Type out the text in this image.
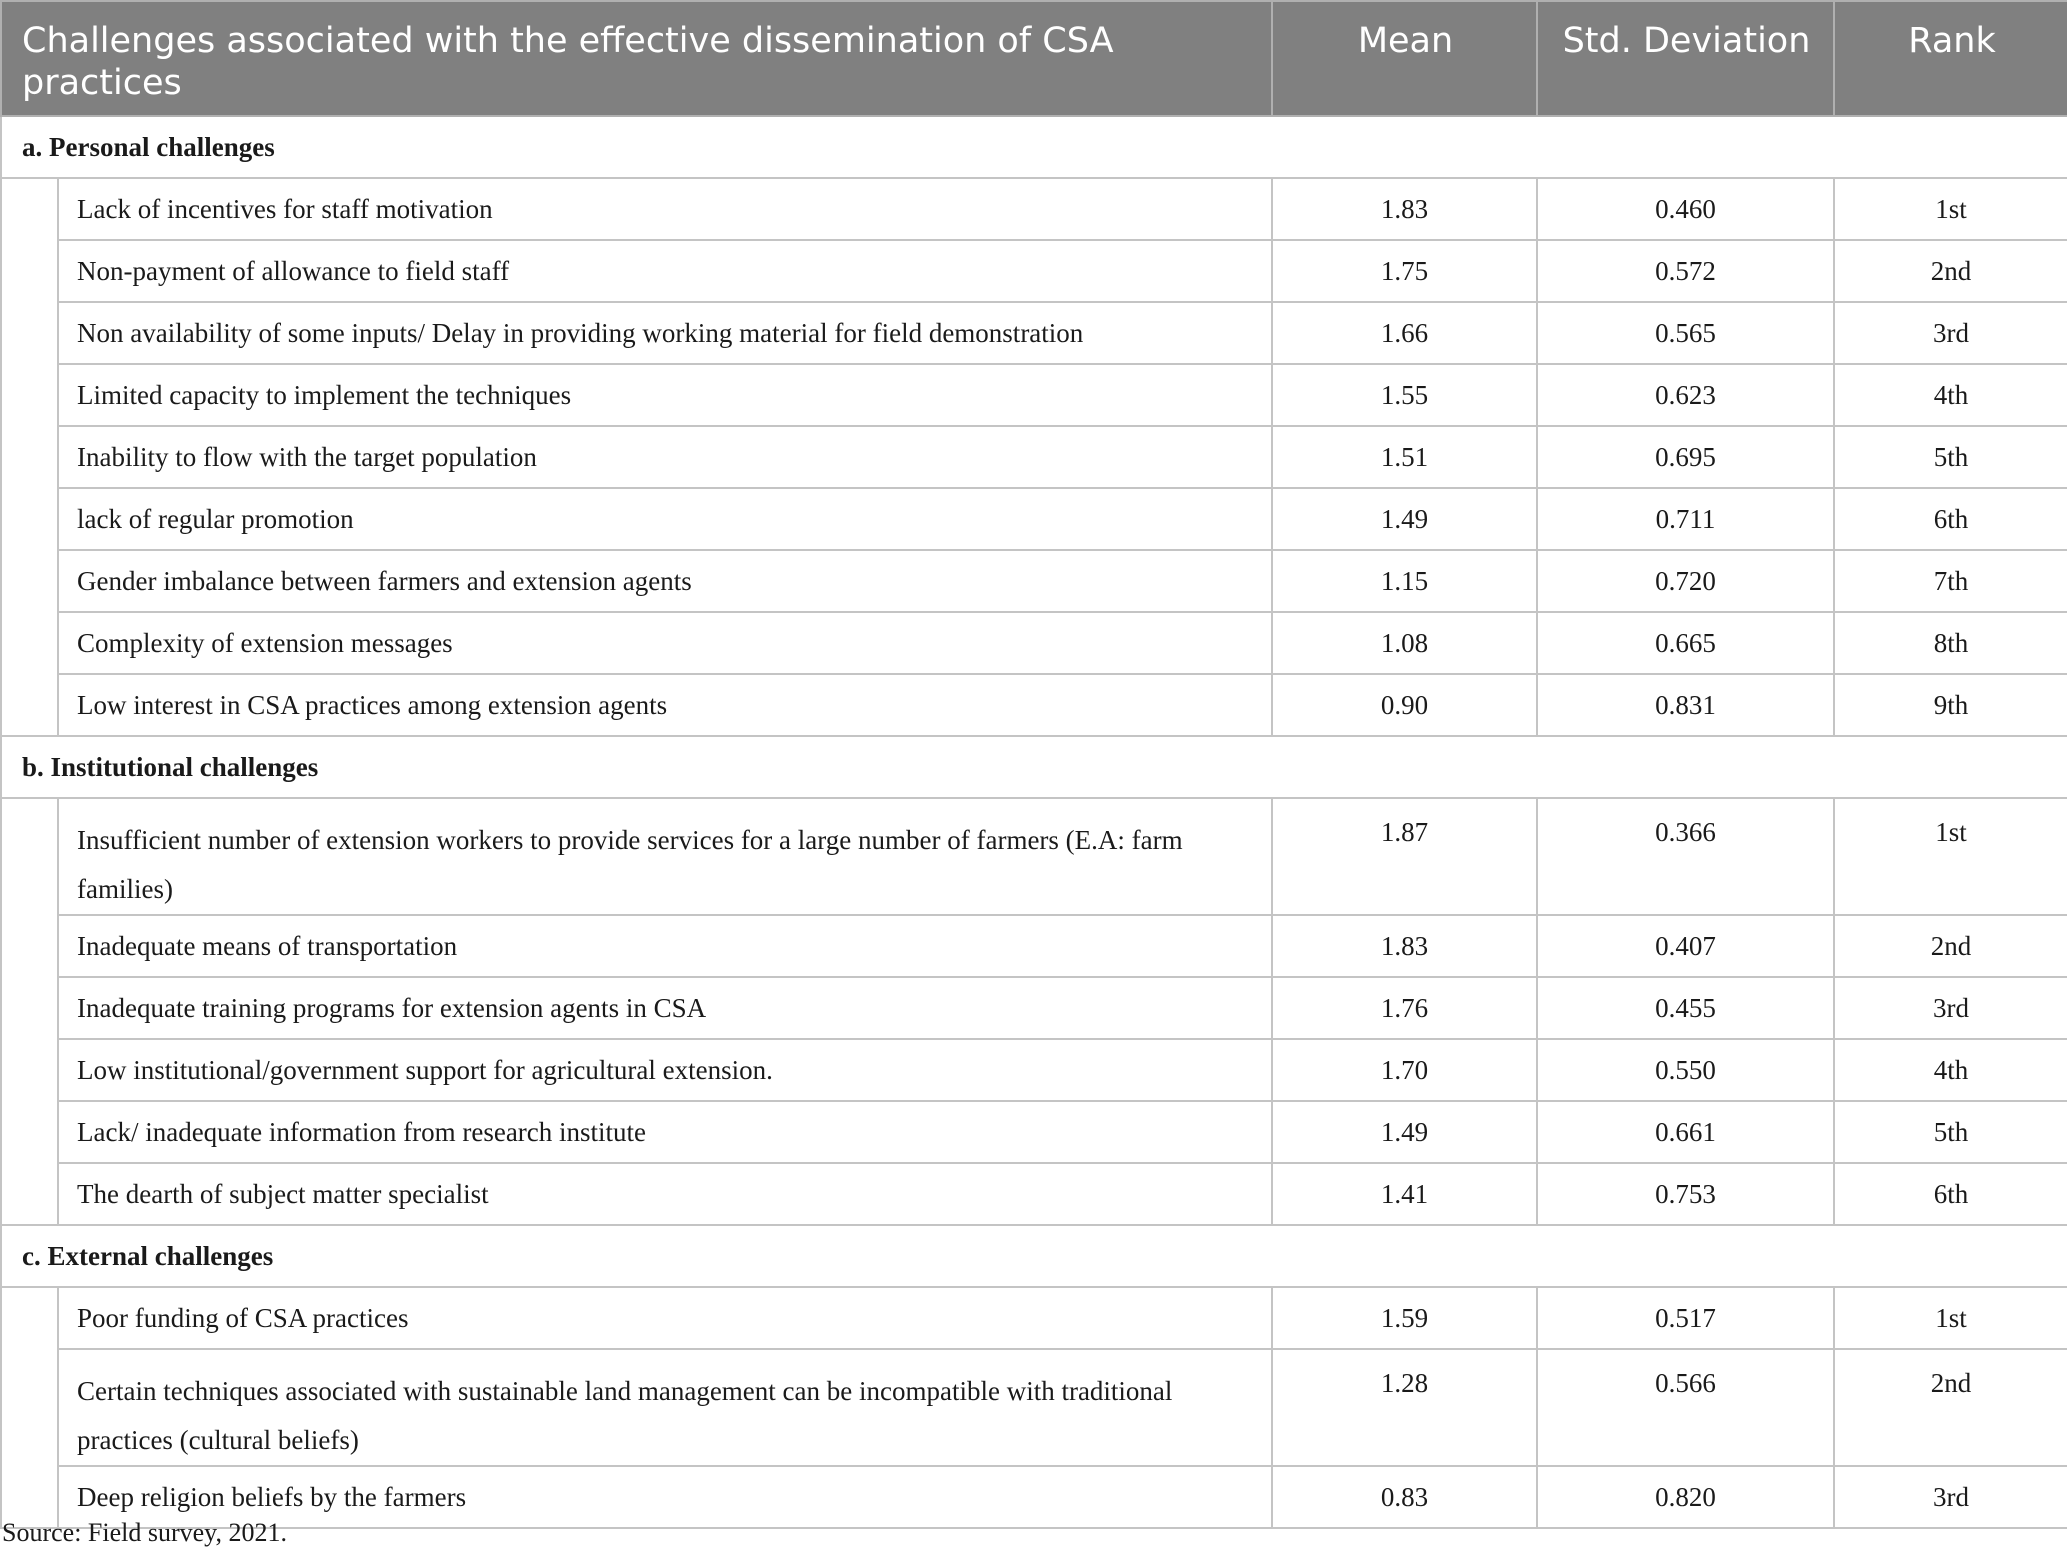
Challenges associated with the effective dissemination of CSA practices		Mean	Std. Deviation	Rank
a. Personal challenges				
	Lack of incentives for staff motivation	1.83	0.460	1st
	Non-payment of allowance to field staff	1.75	0.572	2nd
	Non availability of some inputs/ Delay in providing working material for field demonstration	1.66	0.565	3rd
	Limited capacity to implement the techniques	1.55	0.623	4th
	Inability to flow with the target population	1.51	0.695	5th
	lack of regular promotion	1.49	0.711	6th
	Gender imbalance between farmers and extension agents	1.15	0.720	7th
	Complexity of extension messages	1.08	0.665	8th
	Low interest in CSA practices among extension agents	0.90	0.831	9th
b. Institutional challenges				
	Insufficient number of extension workers to provide services for a large number of farmers (E.A: farm families)	1.87	0.366	1st
	Inadequate means of transportation	1.83	0.407	2nd
	Inadequate training programs for extension agents in CSA	1.76	0.455	3rd
	Low institutional/government support for agricultural extension.	1.70	0.550	4th
	Lack/ inadequate information from research institute	1.49	0.661	5th
	The dearth of subject matter specialist	1.41	0.753	6th
c. External challenges				
	Poor funding of CSA practices	1.59	0.517	1st
	Certain techniques associated with sustainable land management can be incompatible with traditional practices (cultural beliefs)	1.28	0.566	2nd
	Deep religion beliefs by the farmers	0.83	0.820	3rd
Source: Field survey, 2021.
